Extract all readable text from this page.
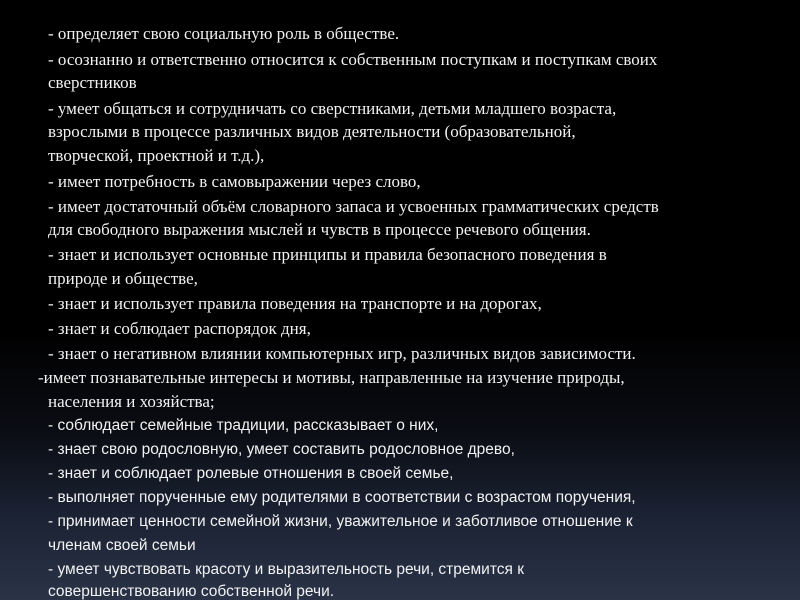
- определяет свою социальную роль в обществе.
- осознанно и ответственно относится к собственным поступкам и поступкам своих
сверстников
- умеет общаться и сотрудничать со сверстниками, детьми младшего возраста,
взрослыми в процессе различных видов деятельности (образовательной,
творческой, проектной и т.д.),
- имеет потребность в самовыражении через слово,
- имеет достаточный объём словарного запаса и усвоенных грамматических средств
для свободного выражения мыслей и чувств в процессе речевого общения.
- знает и использует основные принципы и правила безопасного поведения в
природе и обществе,
- знает и использует правила поведения на транспорте и на дорогах,
- знает и соблюдает распорядок дня,
- знает о негативном влиянии компьютерных игр, различных видов зависимости.
-имеет познавательные интересы и мотивы, направленные на изучение природы,
населения и хозяйства;
- соблюдает семейные традиции, рассказывает о них,
- знает свою родословную, умеет составить родословное древо,
- знает и соблюдает ролевые отношения в своей семье,
- выполняет порученные ему родителями в соответствии с возрастом поручения,
- принимает ценности семейной жизни, уважительное и заботливое отношение к
членам своей семьи
- умеет чувствовать красоту и выразительность речи, стремится к
совершенствованию собственной речи.
